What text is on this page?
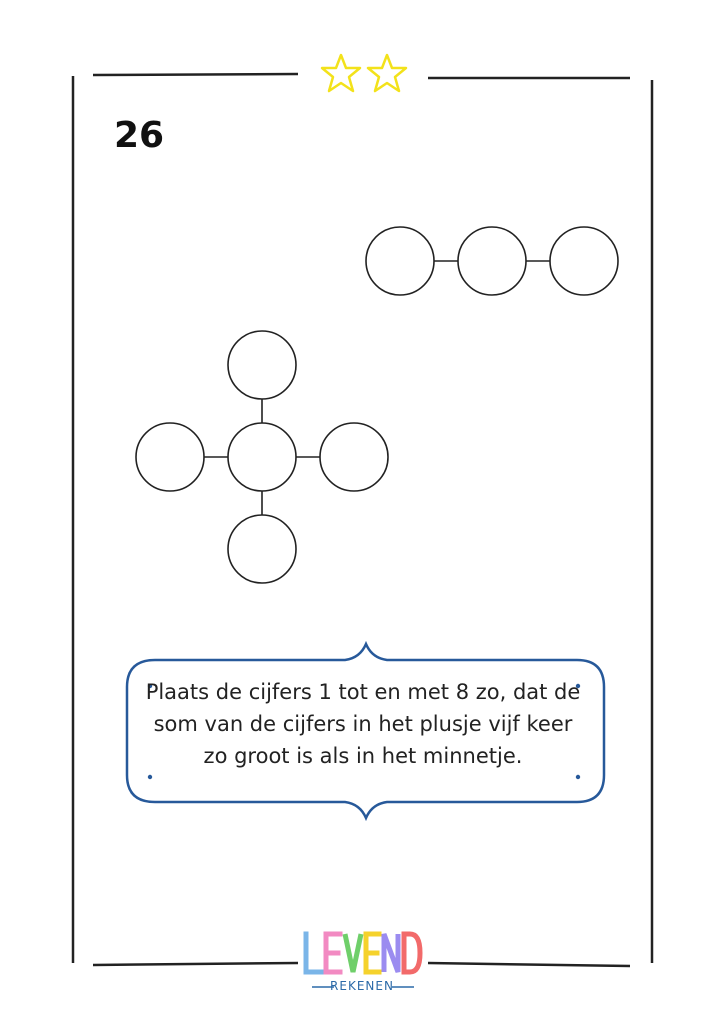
26
Plaats de cijfers 1 tot en met 8 zo, dat de som van de cijfers in het plusje vijf keer zo groot is als in het minnetje.
REKENEN
